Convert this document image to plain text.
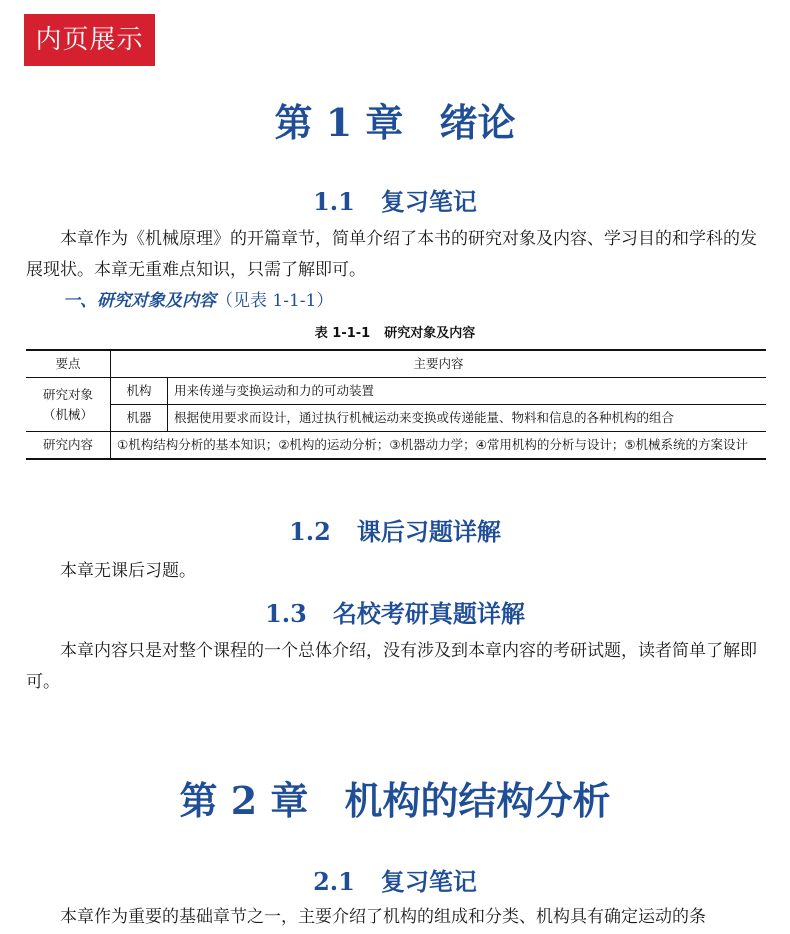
内页展示
第 1 章 绪论
1.1 复习笔记

本章作为《机械原理》的开篇章节，简单介绍了本书的研究对象及内容、学习目的和学科的发展现状。本章无重难点知识，只需了解即可。

一、研究对象及内容（见表 1-1-1）

表 1-1-1 研究对象及内容
要点	主要内容	
研究对象（机械）	机构	用来传递与变换运动和力的可动装置
	机器	根据使用要求而设计，通过执行机械运动来变换或传递能量、物料和信息的各种机构的组合
研究内容	①机构结构分析的基本知识；②机构的运动分析；③机器动力学；④常用机构的分析与设计；⑤机械系统的方案设计	
1.2 课后习题详解

本章无课后习题。

1.3 名校考研真题详解

本章内容只是对整个课程的一个总体介绍，没有涉及到本章内容的考研试题，读者简单了解即可。

第 2 章 机构的结构分析
2.1 复习笔记

本章作为重要的基础章节之一，主要介绍了机构的组成和分类、机构具有确定运动的条
